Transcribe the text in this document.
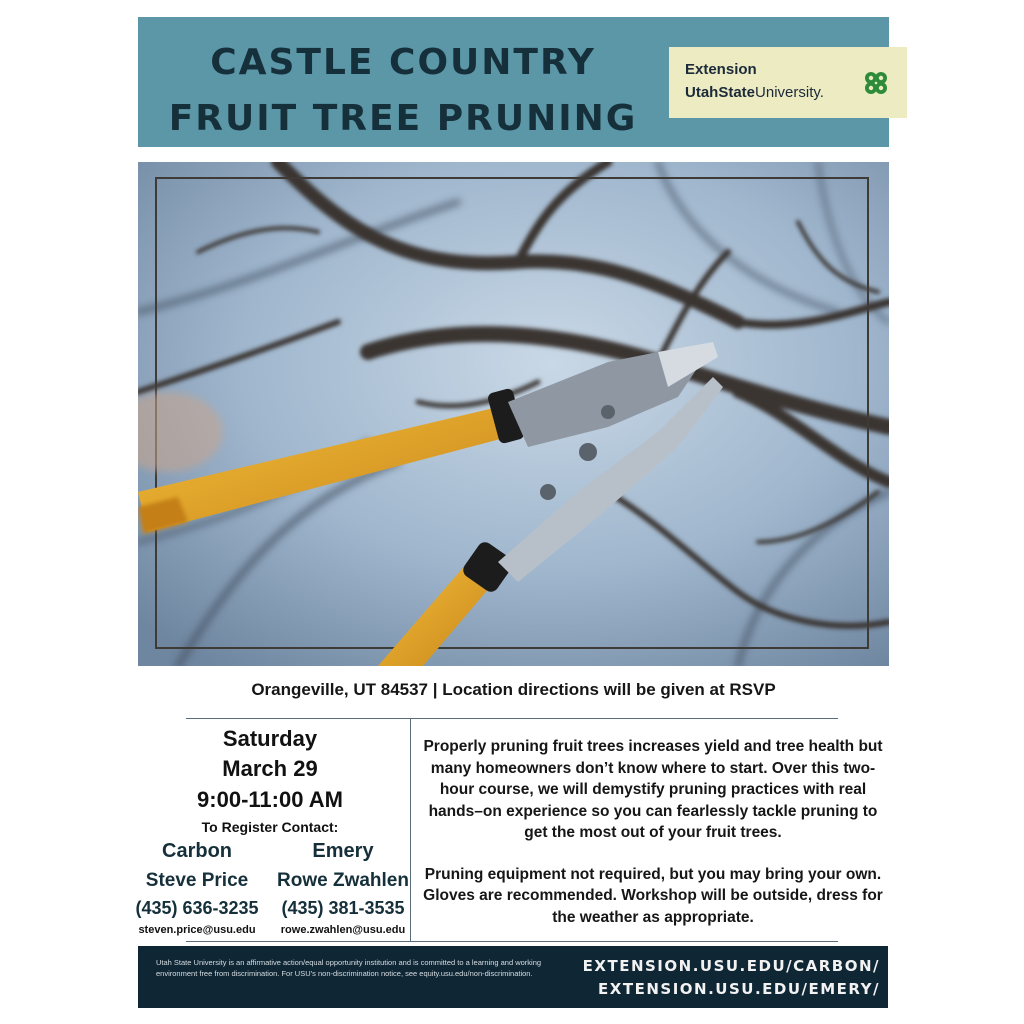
CASTLE COUNTRY
FRUIT TREE PRUNING
Extension
UtahStateUniversity.
Orangeville, UT 84537 | Location directions will be given at RSVP
Saturday
March 29
9:00-11:00 AM
To Register Contact:
Carbon	Emery
Steve Price	Rowe Zwahlen
(435) 636-3235	(435) 381-3535
steven.price@usu.edu	rowe.zwahlen@usu.edu

Properly pruning fruit trees increases yield and tree health but many homeowners don’t know where to start. Over this two-hour course, we will demystify pruning practices with real hands–on experience so you can fearlessly tackle pruning to get the most out of your fruit trees.

Pruning equipment not required, but you may bring your own. Gloves are recommended. Workshop will be outside, dress for the weather as appropriate.

Utah State University is an affirmative action/equal opportunity institution and is committed to a learning and working environment free from discrimination. For USU’s non-discrimination notice, see equity.usu.edu/non-discrimination.	EXTENSION.USU.EDU/CARBON/
EXTENSION.USU.EDU/EMERY/
